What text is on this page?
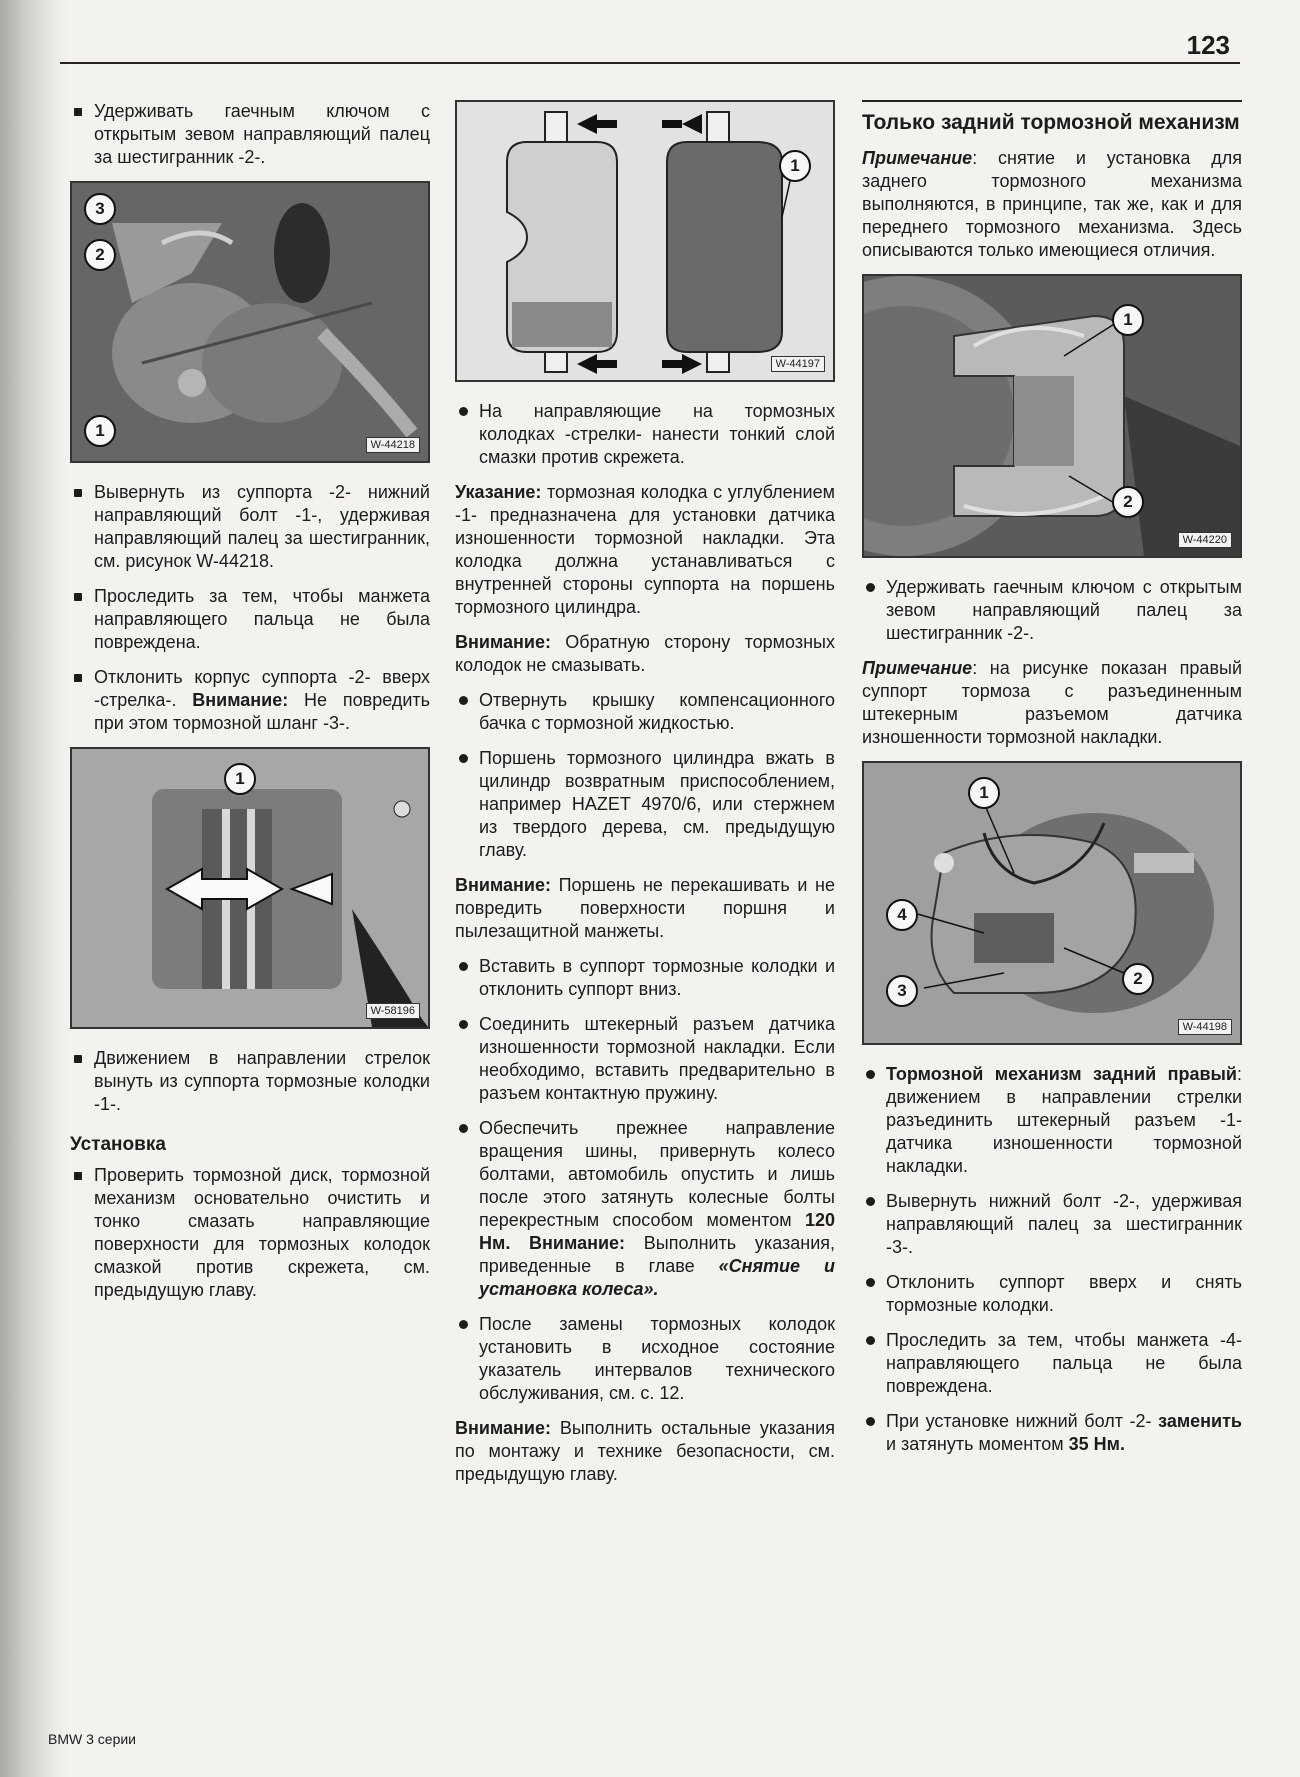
123

Удерживать гаечным ключом с открытым зевом направляющий палец за шестигранник -2-.

3
2
1
W-44218

Вывернуть из суппорта -2- нижний направляющий болт -1-, удерживая направляющий палец за шестигранник, см. рисунок W-44218.

Проследить за тем, чтобы манжета направляющего пальца не была повреждена.

Отклонить корпус суппорта -2- вверх -стрелка-. Внимание: Не повредить при этом тормозной шланг -3-.

1
W-58196

Движением в направлении стрелок вынуть из суппорта тормозные колодки -1-.

Установка

Проверить тормозной диск, тормозной механизм основательно очистить и тонко смазать направляющие поверхности для тормозных колодок смазкой против скрежета, см. предыдущую главу.

1
W-44197

На направляющие на тормозных колодках -стрелки- нанести тонкий слой смазки против скрежета.

Указание: тормозная колодка с углублением -1- предназначена для установки датчика изношенности тормозной накладки. Эта колодка должна устанавливаться с внутренней стороны суппорта на поршень тормозного цилиндра.

Внимание: Обратную сторону тормозных колодок не смазывать.

Отвернуть крышку компенсационного бачка с тормозной жидкостью.

Поршень тормозного цилиндра вжать в цилиндр возвратным приспособлением, например HAZET 4970/6, или стержнем из твердого дерева, см. предыдущую главу.

Внимание: Поршень не перекашивать и не повредить поверхности поршня и пылезащитной манжеты.

Вставить в суппорт тормозные колодки и отклонить суппорт вниз.

Соединить штекерный разъем датчика изношенности тормозной накладки. Если необходимо, вставить предварительно в разъем контактную пружину.

Обеспечить прежнее направление вращения шины, привернуть колесо болтами, автомобиль опустить и лишь после этого затянуть колесные болты перекрестным способом моментом 120 Нм. Внимание: Выполнить указания, приведенные в главе «Снятие и установка колеса».

После замены тормозных колодок установить в исходное состояние указатель интервалов технического обслуживания, см. с. 12.

Внимание: Выполнить остальные указания по монтажу и технике безопасности, см. предыдущую главу.

Только задний тормозной механизм

Примечание: снятие и установка для заднего тормозного механизма выполняются, в принципе, так же, как и для переднего тормозного механизма. Здесь описываются только имеющиеся отличия.

1
2
W-44220

Удерживать гаечным ключом с открытым зевом направляющий палец за шестигранник -2-.

Примечание: на рисунке показан правый суппорт тормоза с разъединенным штекерным разъемом датчика изношенности тормозной накладки.

1
4
2
3
W-44198

Тормозной механизм задний правый: движением в направлении стрелки разъединить штекерный разъем -1- датчика изношенности тормозной накладки.

Вывернуть нижний болт -2-, удерживая направляющий палец за шестигранник -3-.

Отклонить суппорт вверх и снять тормозные колодки.

Проследить за тем, чтобы манжета -4- направляющего пальца не была повреждена.

При установке нижний болт -2- заменить и затянуть моментом 35 Нм.

BMW 3 серии
